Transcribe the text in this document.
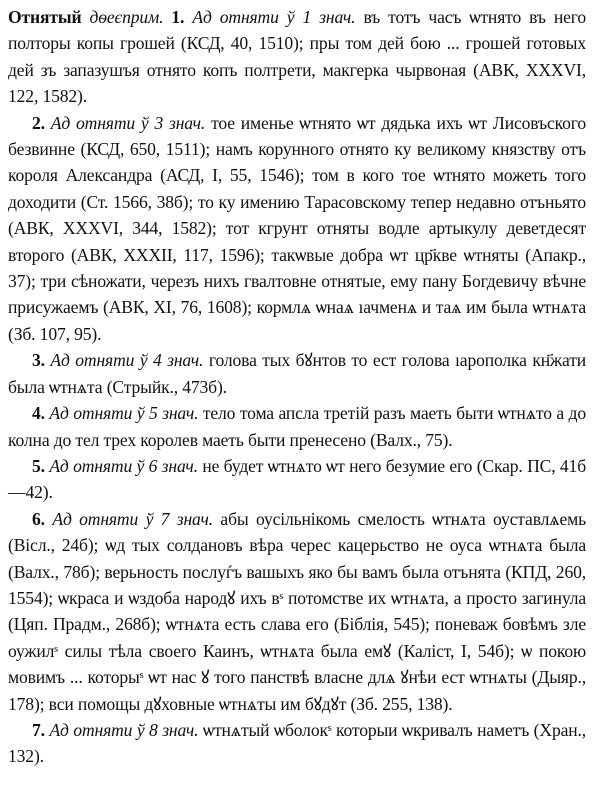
Отнятый дѳеєприм. 1. Ад отняти ў 1 знач. въ тотъ часъ ѡтнято въ него полторы копы грошей (КСД, 40, 1510); пры том дей бою ... грошей готовых дей зъ запазушъя отнято копъ полтрети, макгерка чырвоная (АВК, XXXVI, 122, 1582).

2. Ад отняти ў 3 знач. тое именье ѡтнято ѡт дядька ихъ ѡт Лисовъского безвинне (КСД, 650, 1511); намъ корунного отнято ку великому князству отъ короля Александра (АСД, I, 55, 1546); том в кого тое ѡтнято можеть того доходити (Ст. 1566, 38б); то ку имению Тарасовскому тепер недавно отъньято (АВК, XXXVI, 344, 1582); тот кгрунт отняты водле артыкулу деветдесят второго (АВК, XXXII, 117, 1596); такѡвые добра ѡт цр҃кве ѡтняты (Апакр., 37); три сѣножати, черезъ нихъ гвалтовне отнятые, ему пану Богдевичу вѣчне присужаемъ (АВК, XI, 76, 1608); кормлѧ ѡнаѧ ıачменѧ и таѧ им была ѡтнѧта (Зб. 107, 95).

3. Ад отняти ў 4 знач. голова тых бꙋнтов то ест голова ıарополка кн҃жати была ѡтнѧта (Стрыйк., 473б).

4. Ад отняти ў 5 знач. тело тома апсла третій разъ маеть быти ѡтнѧто а до колна до тел трех королев маеть быти пренесено (Валх., 75).

5. Ад отняти ў 6 знач. не будет ѡтнѧто ѡт него безумие его (Скар. ПС, 41б—42).

6. Ад отняти ў 7 знач. абы оусільнікомь смелость ѡтнѧта оуставлѧемь (Вісл., 24б); ѡд тых солдановъ вѣра черес кацерьство не оуса ѡтнѧта была (Валх., 78б); верьность послуѓъ вашыхъ яко бы вамъ была отънята (КПД, 260, 1554); ѡкраса и ѡздоба народꙋ ихъ вˢ потомстве их ѡтнѧта, а просто загинула (Цяп. Прадм., 268б); ѡтнѧта есть слава его (Біблія, 545); поневаж бовѣмъ зле оужилˢ силы тѣла своего Каинъ, ѡтнѧта была емꙋ (Каліст, I, 54б); ѡ покою мовимъ ... которыˢ ѡт нас ꙋ того панствѣ власне длѧ ꙋнѣи ест ѡтнѧты (Дыяр., 178); вси помощы дꙋховные ѡтнѧты им бꙋдꙋт (Зб. 255, 138).

7. Ад отняти ў 8 знач. ѡтнѧтый ѡболокˢ которыи ѡкривалъ наметъ (Хран., 132).
